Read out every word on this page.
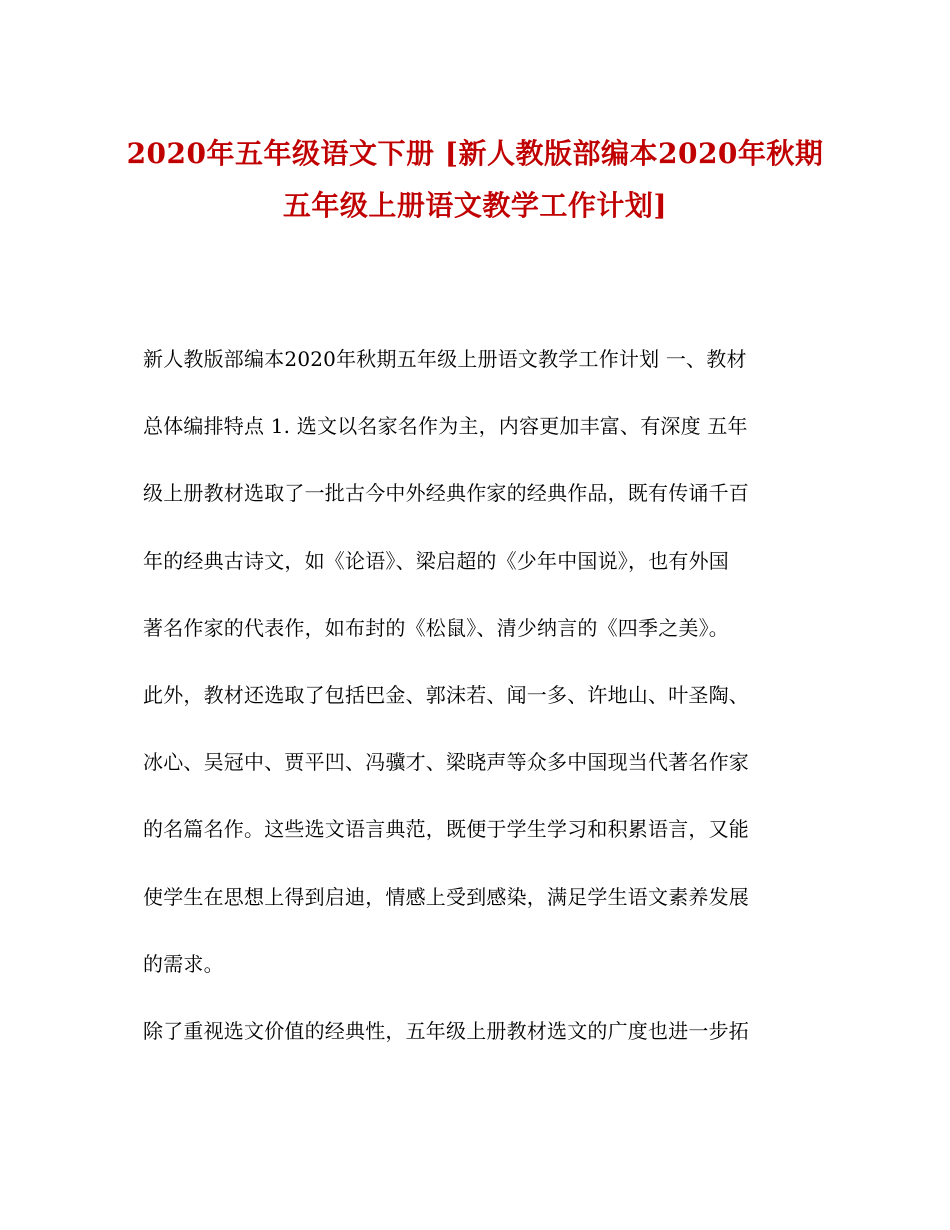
2020年五年级语文下册 [新人教版部编本2020年秋期
五年级上册语文教学工作计划]
新人教版部编本2020年秋期五年级上册语文教学工作计划 一、教材
总体编排特点 1. 选文以名家名作为主，内容更加丰富、有深度 五年
级上册教材选取了一批古今中外经典作家的经典作品，既有传诵千百
年的经典古诗文，如《论语》、梁启超的《少年中国说》，也有外国
著名作家的代表作，如布封的《松鼠》、清少纳言的《四季之美》。
此外，教材还选取了包括巴金、郭沫若、闻一多、许地山、叶圣陶、
冰心、吴冠中、贾平凹、冯骥才、梁晓声等众多中国现当代著名作家
的名篇名作。这些选文语言典范，既便于学生学习和积累语言，又能
使学生在思想上得到启迪，情感上受到感染，满足学生语文素养发展
的需求。
除了重视选文价值的经典性，五年级上册教材选文的广度也进一步拓
